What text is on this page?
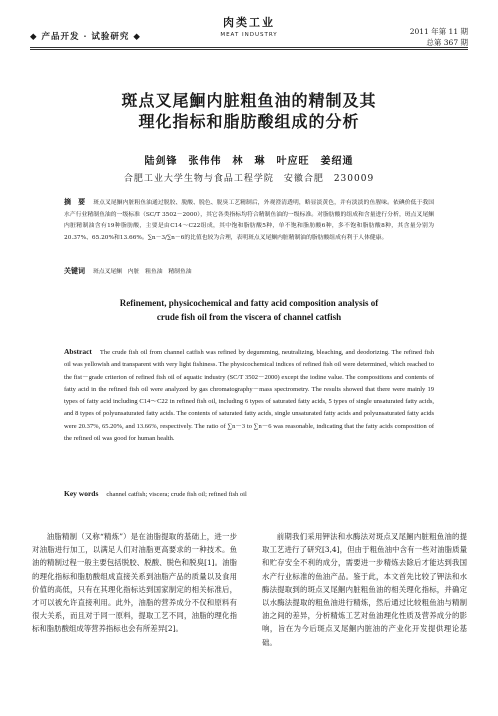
◆ 产品开发 · 试验研究 ◆
肉类工业
MEAT INDUSTRY	2011 年第 11 期
总第 367 期
斑点叉尾鮰内脏粗鱼油的精制及其
理化指标和脂肪酸组成的分析
陆剑锋　张伟伟　林　琳　叶应旺　姜绍通
合肥工业大学生物与食品工程学院　安徽合肥　230009
摘　要 斑点叉尾鮰内脏粗鱼油通过脱胶、脱酸、脱色、脱臭工艺精制后，外观澄清透明，略显淡黄色，并有淡淡的鱼腥味。依碘价低于我国水产行业精制鱼油的一级标准（SC/T 3502－2000），其它各类指标均符合精制鱼油的一级标准。对脂肪酸的组成和含量进行分析，斑点叉尾鮰内脏精制油含有19种脂肪酸，主要是由C14～C22组成，其中饱和脂肪酸5种，单不饱和脂肪酸6种，多不饱和脂肪酸8种，其含量分别为20.37%、65.20%和13.66%。∑n－3/∑n－6的比值也较为合理，表明斑点叉尾鮰内脏精制油的脂肪酸组成有利于人体健康。
关键词 斑点叉尾鮰　内脏　粗鱼油　精制鱼油
Refinement, physicochemical and fatty acid composition analysis of
crude fish oil from the viscera of channel catfish
Abstract The crude fish oil from channel catfish was refined by degumming, neutralizing, bleaching, and deodorizing. The refined fish oil was yellowish and transparent with very light fishiness. The physicochemical indices of refined fish oil were determined, which reached to the fist－grade criterion of refined fish oil of aquatic industry (SC/T 3502－2000) except the iodine value. The compositions and contents of fatty acid in the refined fish oil were analyzed by gas chromatography－mass spectrometry. The results showed that there were mainly 19 types of fatty acid including C14～C22 in refined fish oil, including 6 types of saturated fatty acids, 5 types of single unsaturated fatty acids, and 8 types of polyunsaturated fatty acids. The contents of saturated fatty acids, single unsaturated fatty acids and polyunsaturated fatty acids were 20.37%, 65.20%, and 13.66%, respectively. The ratio of ∑n－3 to ∑n－6 was reasonable, indicating that the fatty acids composition of the refined oil was good for human health.
Key words channel catfish; viscera; crude fish oil; refined fish oil
油脂精制（又称“精炼”）是在油脂提取的基础上，进一步对油脂进行加工，以满足人们对油脂更高要求的一种技术。鱼油的精制过程一般主要包括脱胶、脱酸、脱色和脱臭[1]。油脂的理化指标和脂肪酸组成直接关系到油脂产品的质量以及食用价值的高低，只有在其理化指标达到国家制定的相关标准后，才可以被允许直接利用。此外，油脂的营养成分不仅和原料有很大关系，而且对于同一原料，提取工艺不同，油脂的理化指标和脂肪酸组成等营养指标也会有所差异[2]。
前期我们采用钾法和水酶法对斑点叉尾鮰内脏粗鱼油的提取工艺进行了研究[3,4]，但由于粗鱼油中含有一些对油脂质量和贮存安全不利的成分，需要进一步精炼去除后才能达到我国水产行业标准的鱼油产品。鉴于此，本文首先比较了钾法和水酶法提取到的斑点叉尾鮰内脏粗鱼油的相关理化指标，并确定以水酶法提取的粗鱼油进行精炼，然后通过比较粗鱼油与精制油之间的差异，分析精炼工艺对鱼油理化性质及营养成分的影响，旨在为今后斑点叉尾鮰内脏油的产业化开发提供理论基础。
